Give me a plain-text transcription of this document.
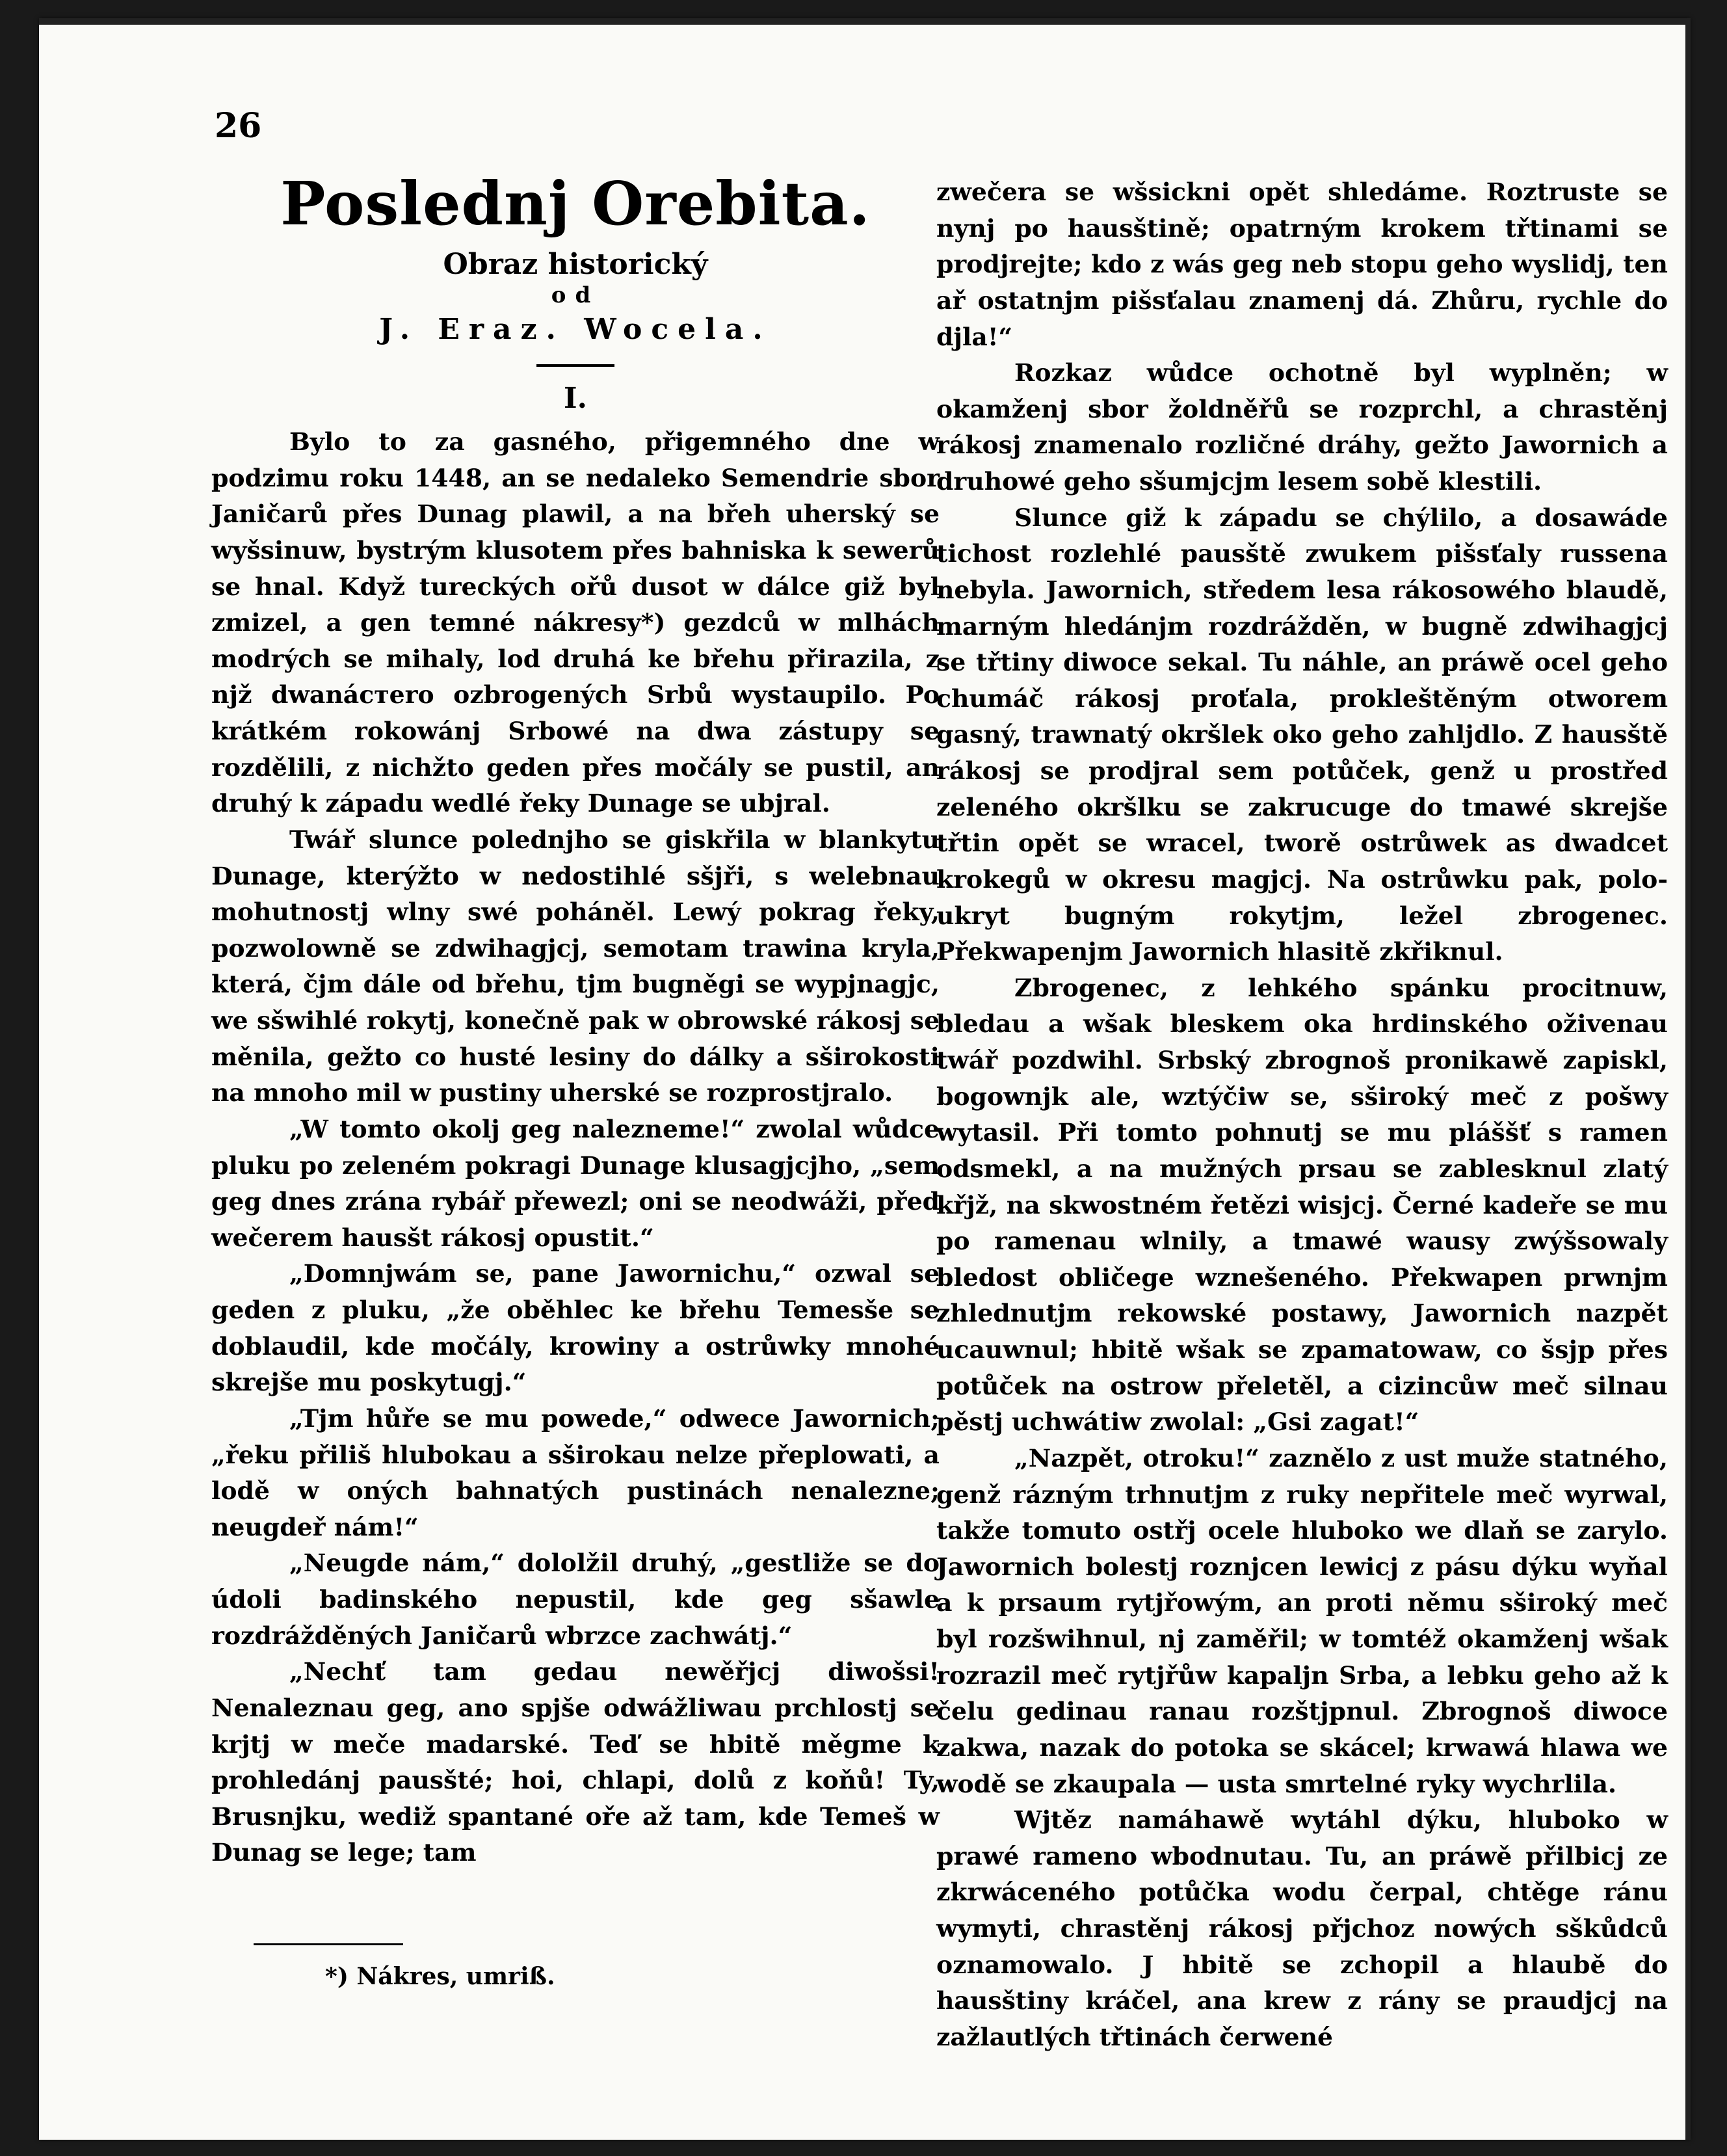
26
Poslednj Orebita.
Obraz historický
od
J. Eraz. Wocela.
I.

Bylo to za gasného, přigemného dne w podzimu roku 1448, an se nedaleko Semendrie sbor Janičarů přes Dunag plawil, a na břeh uherský se wyšsinuw, bystrým klusotem přes bahniska k sewerů se hnal. Když tureckých ořů dusot w dálce giž byl zmizel, a gen temné nákresy*) gezdců w mlhách modrých se mihaly, lod druhá ke břehu přirazila, z njž dwanácтero ozbrogených Srbů wystaupilo. Po krátkém rokowánj Srbowé na dwa zástupy se rozdělili, z nichžto geden přes močály se pustil, an druhý k západu wedlé řeky Dunage se ubjral.

Twář slunce polednjho se giskřila w blankytu Dunage, kterýžto w nedostihlé sšjři, s welebnau mohutnostj wlny swé poháněl. Lewý pokrag řeky, pozwolowně se zdwihagjcj, semotam trawina kryla, která, čjm dále od břehu, tjm bugněgi se wypjnagjc, we sšwihlé rokytj, konečně pak w obrowské rákosj se měnila, gežto co husté lesiny do dálky a sširokosti na mnoho mil w pustiny uherské se rozprostjralo.

„W tomto okolj geg nalezneme!“ zwolal wůdce pluku po zeleném pokragi Dunage klusagjcjho, „sem geg dnes zrána rybář přewezl; oni se neodwáži, před wečerem hausšt rákosj opustit.“

„Domnjwám se, pane Jawornichu,“ ozwal se geden z pluku, „že oběhlec ke břehu Temesše se doblaudil, kde močály, krowiny a ostrůwky mnohé skrejše mu poskytugj.“

„Tjm hůře se mu powede,“ odwece Jawornich; „řeku přiliš hlubokau a sširokau nelze přeplowati, a lodě w oných bahnatých pustinách nenalezne; neugdeř nám!“

„Neugde nám,“ dololžil druhý, „gestliže se do údoli badinského nepustil, kde geg sšawle rozdrážděných Janičarů wbrzce zachwátj.“

„Nechť tam gedau newěřjcj diwošsi! Nenaleznau geg, ano spjše odwážliwau prchlostj se krjtj w meče madarské. Teď se hbitě měgme k prohledánj pausšté; hoi, chlapi, dolů z koňů! Ty, Brusnjku, wediž spantané oře až tam, kde Temeš w Dunag se lege; tam

zwečera se wšsickni opět shledáme. Roztruste se nynj po hausštině; opatrným krokem třtinami se prodjrejte; kdo z wás geg neb stopu geho wyslidj, ten ař ostatnjm pišsťalau znamenj dá. Zhůru, rychle do djla!“

Rozkaz wůdce ochotně byl wyplněn; w okamženj sbor žoldněřů se rozprchl, a chrastěnj rákosj znamenalo rozličné dráhy, gežto Jawornich a druhowé geho sšumjcjm lesem sobě klestili.

Slunce giž k západu se chýlilo, a dosawáde tichost rozlehlé pausště zwukem pišsťaly russena nebyla. Jawornich, středem lesa rákosowého blaudě, marným hledánjm rozdrážděn, w bugně zdwihagjcj se třtiny diwoce sekal. Tu náhle, an práwě ocel geho chumáč rákosj proťala, prokleštěným otworem gasný, trawnatý okršlek oko geho zahljdlo. Z hausště rákosj se prodjral sem potůček, genž u prostřed zeleného okršlku se zakrucuge do tmawé skrejše třtin opět se wracel, tworě ostrůwek as dwadcet krokegů w okresu magjcj. Na ostrůwku pak, polo-ukryt bugným rokytjm, ležel zbrogenec. Překwapenjm Jawornich hlasitě zkřiknul.

Zbrogenec, z lehkého spánku procitnuw, bledau a wšak bleskem oka hrdinského oživenau twář pozdwihl. Srbský zbrognoš pronikawě zapiskl, bogownjk ale, wztýčiw se, sširoký meč z pošwy wytasil. Při tomto pohnutj se mu pláššť s ramen odsmekl, a na mužných prsau se zablesknul zlatý křjž, na skwostném řetězi wisjcj. Černé kadeře se mu po ramenau wlnily, a tmawé wausy zwýšsowaly bledost obličege wznešeného. Překwapen prwnjm zhlednutjm rekowské postawy, Jawornich nazpět ucauwnul; hbitě wšak se zpamatowaw, co šsjp přes potůček na ostrow přeletěl, a cizincůw meč silnau pěstj uchwátiw zwolal: „Gsi zagat!“

„Nazpět, otroku!“ zaznělo z ust muže statného, genž rázným trhnutjm z ruky nepřitele meč wyrwal, takže tomuto ostřj ocele hluboko we dlaň se zarylo. Jawornich bolestj roznjcen lewicj z pásu dýku wyňal a k prsaum rytjřowým, an proti němu sširoký meč byl rozšwihnul, nj zaměřil; w tomtéž okamženj wšak rozrazil meč rytjřůw kapaljn Srba, a lebku geho až k čelu gedinau ranau rozštjpnul. Zbrognoš diwoce zakwa, nazak do potoka se skácel; krwawá hlawa we wodě se zkaupala — usta smrtelné ryky wychrlila.

Wjtěz namáhawě wytáhl dýku, hluboko w prawé rameno wbodnutau. Tu, an práwě přilbicj ze zkrwáceného potůčka wodu čerpal, chtěge ránu wymyti, chrastěnj rákosj přjchoz nowých sškůdců oznamowalo. J hbitě se zchopil a hlaubě do hausštiny kráčel, ana krew z rány se praudjcj na zažlautlých třtinách čerwené

*) Nákres, umriß.
